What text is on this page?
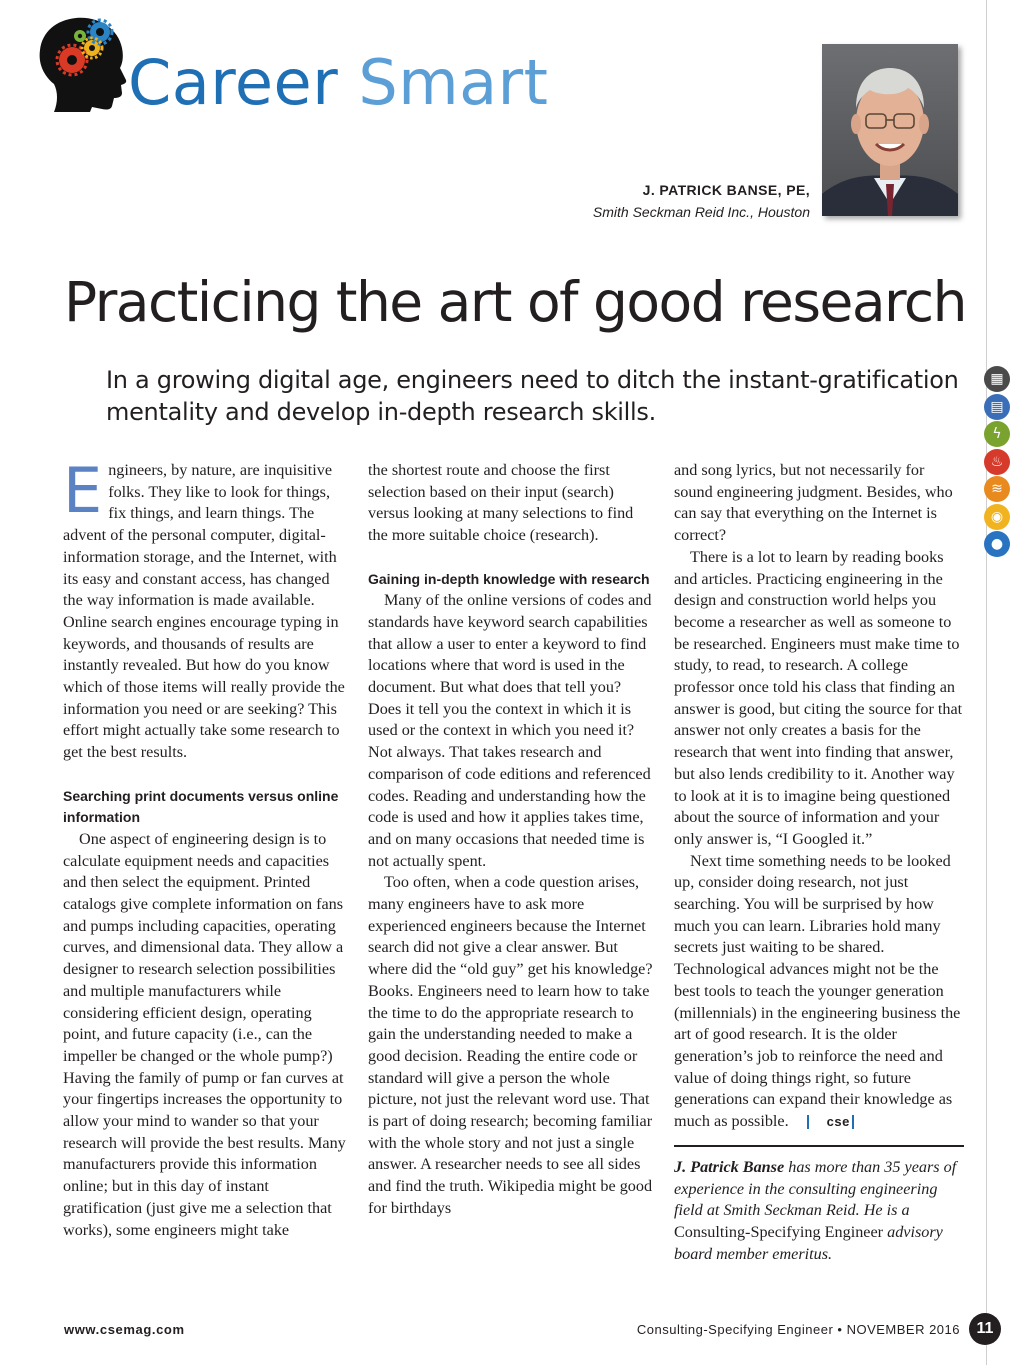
Career Smart
J. PATRICK BANSE, PE,
Smith Seckman Reid Inc., Houston
Practicing the art of good research
In a growing digital age, engineers need to ditch the instant-gratification mentality and develop in-depth research skills.
▦
▤
ϟ
♨
≋
◉
●
E ngineers, by nature, are inquisitive folks. They like to look for things, fix things, and learn things. The advent of the personal computer, digital-information storage, and the Internet, with its easy and constant access, has changed the way information is made available. Online search engines encourage typing in keywords, and thousands of results are instantly revealed. But how do you know which of those items will really provide the information you need or are seeking? This effort might actually take some research to get the best results.

Searching print documents versus online information

One aspect of engineering design is to calculate equipment needs and capacities and then select the equipment. Printed catalogs give complete information on fans and pumps including capacities, operating curves, and dimensional data. They allow a designer to research selection possibilities and multiple manufacturers while considering efficient design, operating point, and future capacity (i.e., can the impeller be changed or the whole pump?) Having the family of pump or fan curves at your fingertips increases the opportunity to allow your mind to wander so that your research will provide the best results. Many manufacturers provide this information online; but in this day of instant gratification (just give me a selection that works), some engineers might take

the shortest route and choose the first selection based on their input (search) versus looking at many selections to find the more suitable choice (research).

Gaining in-depth knowledge with research

Many of the online versions of codes and standards have keyword search capabilities that allow a user to enter a keyword to find locations where that word is used in the document. But what does that tell you? Does it tell you the context in which it is used or the context in which you need it? Not always. That takes research and comparison of code editions and referenced codes. Reading and understanding how the code is used and how it applies takes time, and on many occasions that needed time is not actually spent.

Too often, when a code question arises, many engineers have to ask more experienced engineers because the Internet search did not give a clear answer. But where did the “old guy” get his knowledge? Books. Engineers need to learn how to take the time to do the appropriate research to gain the understanding needed to make a good decision. Reading the entire code or standard will give a person the whole picture, not just the relevant word use. That is part of doing research; becoming familiar with the whole story and not just a single answer. A researcher needs to see all sides and find the truth. Wikipedia might be good for birthdays

and song lyrics, but not necessarily for sound engineering judgment. Besides, who can say that everything on the Internet is correct?

There is a lot to learn by reading books and articles. Practicing engineering in the design and construction world helps you become a researcher as well as someone to be researched. Engineers must make time to study, to read, to research. A college professor once told his class that finding an answer is good, but citing the source for that answer not only creates a basis for the research that went into finding that answer, but also lends credibility to it. Another way to look at it is to imagine being questioned about the source of information and your only answer is, “I Googled it.”

Next time something needs to be looked up, consider doing research, not just searching. You will be surprised by how much you can learn. Libraries hold many secrets just waiting to be shared. Technological advances might not be the best tools to teach the younger generation (millennials) in the engineering business the art of good research. It is the older generation’s job to reinforce the need and value of doing things right, so future generations can expand their knowledge as much as possible.	cse

J. Patrick Banse has more than 35 years of experience in the consulting engineering field at Smith Seckman Reid. He is a Consulting-Specifying Engineer advisory board member emeritus.

www.csemag.com	Consulting-Specifying Engineer • NOVEMBER 2016	11
